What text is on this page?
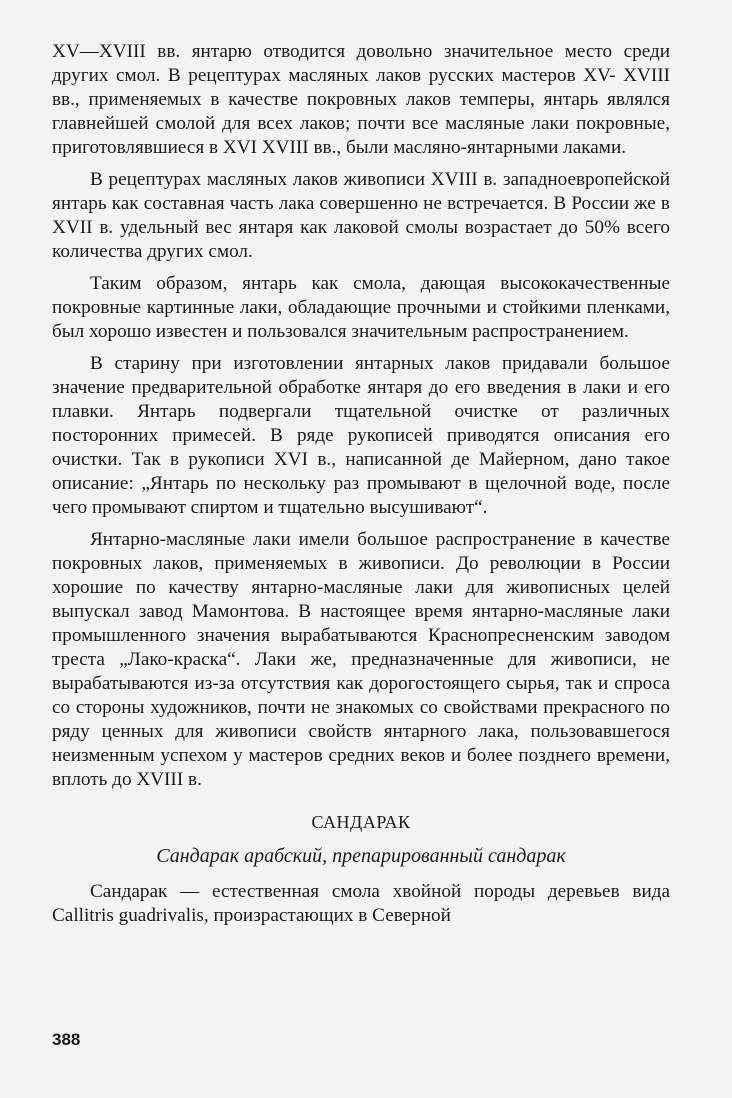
XV—XVIII вв. янтарю отводится довольно значительное место среди других смол. В рецептурах масляных лаков русских мастеров XV- XVIII вв., применяемых в качестве покровных лаков темперы, янтарь являлся главнейшей смолой для всех лаков; почти все масляные лаки покровные, приготовлявшиеся в XVI XVIII вв., были масляно-янтарными лаками.

В рецептурах масляных лаков живописи XVIII в. западноевропейской янтарь как составная часть лака совершенно не встречается. В России же в XVII в. удельный вес янтаря как лаковой смолы возрастает до 50% всего количества других смол.

Таким образом, янтарь как смола, дающая высококачественные покровные картинные лаки, обладающие прочными и стойкими пленками, был хорошо известен и пользовался значительным распространением.

В старину при изготовлении янтарных лаков придавали большое значение предварительной обработке янтаря до его введения в лаки и его плавки. Янтарь подвергали тщательной очистке от различных посторонних примесей. В ряде рукописей приводятся описания его очистки. Так в рукописи XVI в., написанной де Майерном, дано такое описание: „Янтарь по нескольку раз промывают в щелочной воде, после чего промывают спиртом и тщательно высушивают“.

Янтарно-масляные лаки имели большое распространение в качестве покровных лаков, применяемых в живописи. До революции в России хорошие по качеству янтарно-масляные лаки для живописных целей выпускал завод Мамонтова. В настоящее время янтарно-масляные лаки промышленного значения вырабатываются Краснопресненским заводом треста „Лако-краска“. Лаки же, предназначенные для живописи, не вырабатываются из-за отсутствия как дорогостоящего сырья, так и спроса со стороны художников, почти не знакомых со свойствами прекрасного по ряду ценных для живописи свойств янтарного лака, пользовавшегося неизменным успехом у мастеров средних веков и более позднего времени, вплоть до XVIII в.

САНДАРАК
Сандарак арабский, препарированный сандарак

Сандарак — естественная смола хвойной породы деревьев вида Callitris guadrivalis, произрастающих в Северной

388
